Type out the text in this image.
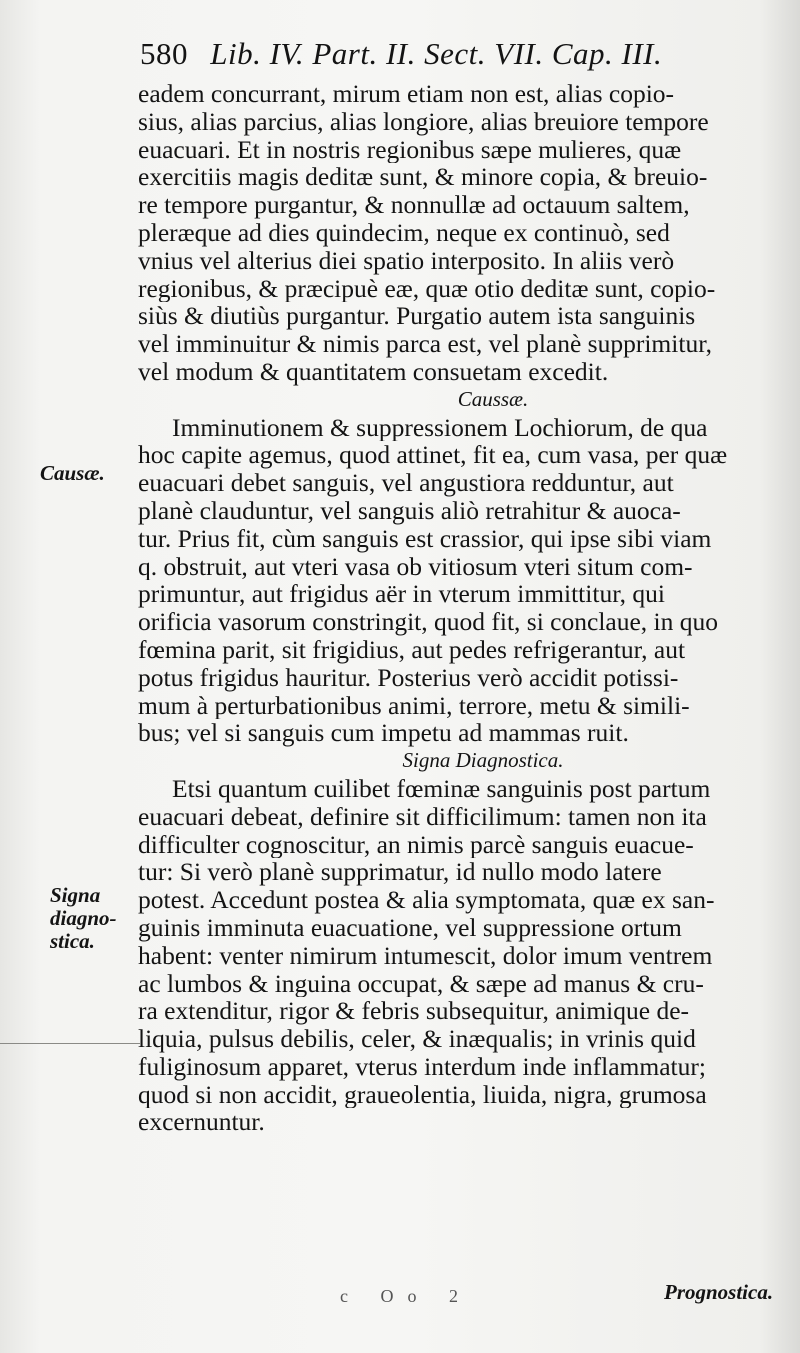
580 Lib. IV. Part. II. Sect. VII. Cap. III.
Causæ.
Signa
diagno-
stica.
eadem concurrant, mirum etiam non est, alias copio-
sius, alias parcius, alias longiore, alias breuiore tempore
euacuari. Et in nostris regionibus sæpe mulieres, quæ
exercitiis magis deditæ sunt, & minore copia, & breuio-
re tempore purgantur, & nonnullæ ad octauum saltem,
pleræque ad dies quindecim, neque ex continuò, sed
vnius vel alterius diei spatio interposito. In aliis verò
regionibus, & præcipuè eæ, quæ otio deditæ sunt, copio-
siùs & diutiùs purgantur. Purgatio autem ista sanguinis
vel imminuitur & nimis parca est, vel planè supprimitur,
vel modum & quantitatem consuetam excedit.
Caussæ.
Imminutionem & suppressionem Lochiorum, de qua
hoc capite agemus, quod attinet, fit ea, cum vasa, per quæ
euacuari debet sanguis, vel angustiora redduntur, aut
planè clauduntur, vel sanguis aliò retrahitur & auoca-
tur. Prius fit, cùm sanguis est crassior, qui ipse sibi viam
q. obstruit, aut vteri vasa ob vitiosum vteri situm com-
primuntur, aut frigidus aër in vterum immittitur, qui
orificia vasorum constringit, quod fit, si conclaue, in quo
fœmina parit, sit frigidius, aut pedes refrigerantur, aut
potus frigidus hauritur. Posterius verò accidit potissi-
mum à perturbationibus animi, terrore, metu & simili-
bus; vel si sanguis cum impetu ad mammas ruit.
Signa Diagnostica.
Etsi quantum cuilibet fœminæ sanguinis post partum
euacuari debeat, definire sit difficilimum: tamen non ita
difficulter cognoscitur, an nimis parcè sanguis euacue-
tur: Si verò planè supprimatur, id nullo modo latere
potest. Accedunt postea & alia symptomata, quæ ex san-
guinis imminuta euacuatione, vel suppressione ortum
habent: venter nimirum intumescit, dolor imum ventrem
ac lumbos & inguina occupat, & sæpe ad manus & cru-
ra extenditur, rigor & febris subsequitur, animique de-
liquia, pulsus debilis, celer, & inæqualis; in vrinis quid
fuliginosum apparet, vterus interdum inde inflammatur;
quod si non accidit, graueolentia, liuida, nigra, grumosa
excernuntur.
c Oo 2	Prognostica.
